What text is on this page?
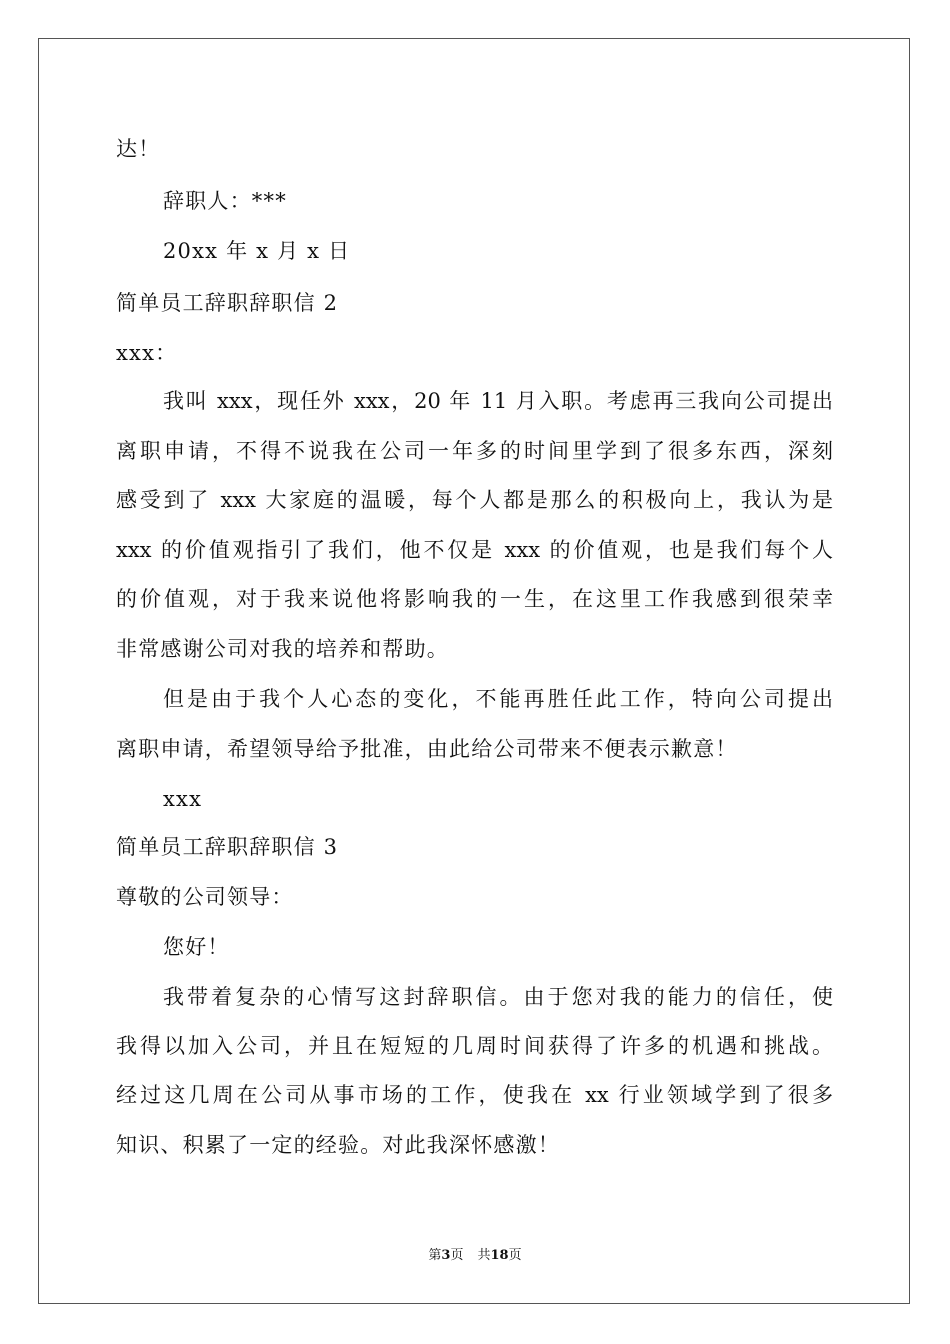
达！
辞职人：***
20xx 年 x 月 x 日
简单员工辞职辞职信 2
xxx：
我叫 xxx，现任外 xxx，20 年 11 月入职。考虑再三我向公司提出
离职申请，不得不说我在公司一年多的时间里学到了很多东西，深刻
感受到了 xxx 大家庭的温暖，每个人都是那么的积极向上，我认为是
xxx 的价值观指引了我们，他不仅是 xxx 的价值观，也是我们每个人
的价值观，对于我来说他将影响我的一生，在这里工作我感到很荣幸
非常感谢公司对我的培养和帮助。
但是由于我个人心态的变化，不能再胜任此工作，特向公司提出
离职申请，希望领导给予批准，由此给公司带来不便表示歉意！
xxx
简单员工辞职辞职信 3
尊敬的公司领导：
您好！
我带着复杂的心情写这封辞职信。由于您对我的能力的信任，使
我得以加入公司，并且在短短的几周时间获得了许多的机遇和挑战。
经过这几周在公司从事市场的工作，使我在 xx 行业领域学到了很多
知识、积累了一定的经验。对此我深怀感激！
第3页 共18页
